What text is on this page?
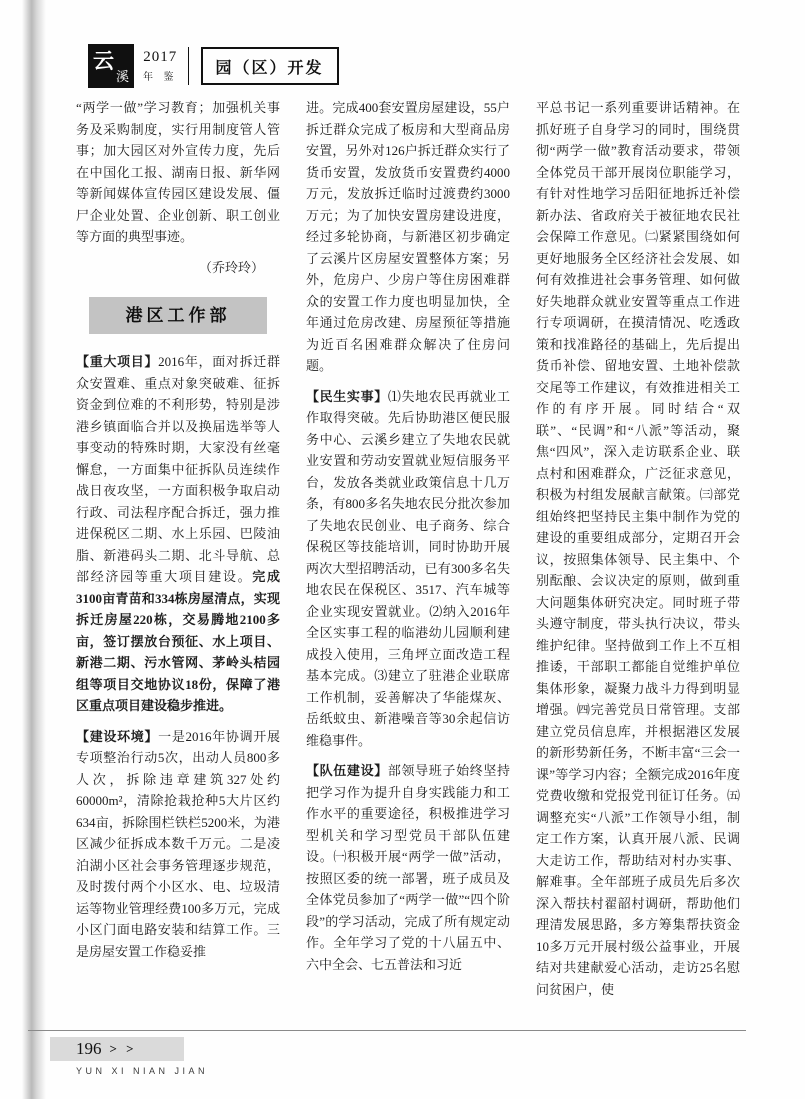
云
溪
2017
年 鉴
园（区）开发

“两学一做”学习教育；加强机关事务及采购制度，实行用制度管人管事；加大园区对外宣传力度，先后在中国化工报、湖南日报、新华网等新闻媒体宣传园区建设发展、僵尸企业处置、企业创新、职工创业等方面的典型事迹。

（乔玲玲）

港区工作部

【重大项目】2016年，面对拆迁群众安置难、重点对象突破难、征拆资金到位难的不利形势，特别是涉港乡镇面临合并以及换届选举等人事变动的特殊时期，大家没有丝毫懈怠，一方面集中征拆队员连续作战日夜攻坚，一方面积极争取启动行政、司法程序配合拆迁，强力推进保税区二期、水上乐园、巴陵油脂、新港码头二期、北斗导航、总部经济园等重大项目建设。完成3100亩青苗和334栋房屋清点，实现拆迁房屋220栋，交易腾地2100多亩，签订摆放台预征、水上项目、新港二期、污水管网、茅岭头桔园组等项目交地协议18份，保障了港区重点项目建设稳步推进。

【建设环境】一是2016年协调开展专项整治行动5次，出动人员800多人次，拆除违章建筑327处约60000m²，清除抢栽抢种5大片区约634亩，拆除围栏铁栏5200米，为港区减少征拆成本数千万元。二是凌泊湖小区社会事务管理逐步规范，及时拨付两个小区水、电、垃圾清运等物业管理经费100多万元，完成小区门面电路安装和结算工作。三是房屋安置工作稳妥推

进。完成400套安置房屋建设，55户拆迁群众完成了板房和大型商品房安置，另外对126户拆迁群众实行了货币安置，发放货币安置费约4000万元，发放拆迁临时过渡费约3000万元；为了加快安置房建设进度，经过多轮协商，与新港区初步确定了云溪片区房屋安置整体方案；另外，危房户、少房户等住房困难群众的安置工作力度也明显加快，全年通过危房改建、房屋预征等措施为近百名困难群众解决了住房问题。

【民生实事】⑴失地农民再就业工作取得突破。先后协助港区便民服务中心、云溪乡建立了失地农民就业安置和劳动安置就业短信服务平台，发放各类就业政策信息十几万条，有800多名失地农民分批次参加了失地农民创业、电子商务、综合保税区等技能培训，同时协助开展两次大型招聘活动，已有300多名失地农民在保税区、3517、汽车城等企业实现安置就业。⑵纳入2016年全区实事工程的临港幼儿园顺利建成投入使用，三角坪立面改造工程基本完成。⑶建立了驻港企业联席工作机制，妥善解决了华能煤灰、岳纸蚊虫、新港噪音等30余起信访维稳事件。

【队伍建设】部领导班子始终坚持把学习作为提升自身实践能力和工作水平的重要途径，积极推进学习型机关和学习型党员干部队伍建设。㈠积极开展“两学一做”活动，按照区委的统一部署，班子成员及全体党员参加了“两学一做”“四个阶段”的学习活动，完成了所有规定动作。全年学习了党的十八届五中、六中全会、七五普法和习近

平总书记一系列重要讲话精神。在抓好班子自身学习的同时，围绕贯彻“两学一做”教育活动要求，带领全体党员干部开展岗位职能学习，有针对性地学习岳阳征地拆迁补偿新办法、省政府关于被征地农民社会保障工作意见。㈡紧紧围绕如何更好地服务全区经济社会发展、如何有效推进社会事务管理、如何做好失地群众就业安置等重点工作进行专项调研，在摸清情况、吃透政策和找准路径的基础上，先后提出货币补偿、留地安置、土地补偿款交尾等工作建议，有效推进相关工作的有序开展。同时结合“双联”、“民调”和“八派”等活动，聚焦“四风”，深入走访联系企业、联点村和困难群众，广泛征求意见，积极为村组发展献言献策。㈢部党组始终把坚持民主集中制作为党的建设的重要组成部分，定期召开会议，按照集体领导、民主集中、个别酝酿、会议决定的原则，做到重大问题集体研究决定。同时班子带头遵守制度，带头执行决议，带头维护纪律。坚持做到工作上不互相推诿，干部职工都能自觉维护单位集体形象，凝聚力战斗力得到明显增强。㈣完善党员日常管理。支部建立党员信息库，并根据港区发展的新形势新任务，不断丰富“三会一课”等学习内容；全额完成2016年度党费收缴和党报党刊征订任务。㈤调整充实“八派”工作领导小组，制定工作方案，认真开展八派、民调大走访工作，帮助结对村办实事、解难事。全年部班子成员先后多次深入帮扶村翟韶村调研，帮助他们理清发展思路，多方筹集帮扶资金10多万元开展村级公益事业，开展结对共建献爱心活动，走访25名慰问贫困户，使

196 > >
YUN XI NIAN JIAN
